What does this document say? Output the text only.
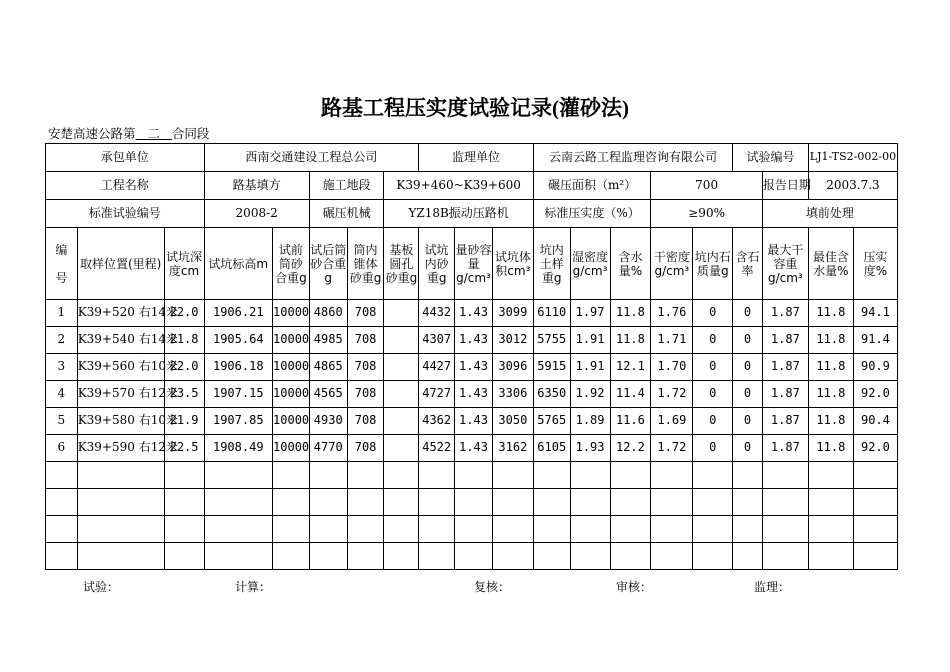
路基工程压实度试验记录(灌砂法)
安楚高速公路第 二 合同段
承包单位			西南交通建设工程总公司					监理单位			云南云路工程监理咨询有限公司					试验编号		LJ1-TS2-002-00	
工程名称			路基填方		施工地段		K39+460~K39+600				碾压面积（m²）			700			报告日期	2003.7.3	
标准试验编号			2008-2		碾压机械		YZ18B振动压路机				标准压实度（%）			≥90%			填前处理		

编

号	取样位置(里程)	试坑深度cm	试坑标高m	试前筒砂合重g	试后筒砂合重g	筒内锥体砂重g	基板圆孔砂重g	试坑内砂重g	量砂容量g/cm³	试坑体积cm³	坑内土样重g	湿密度g/cm³	含水量%	干密度g/cm³	坑内石质量g	含石率	最大干容重g/cm³	最佳含水量%	压实度%

1	K39+520 右14米	22.0	1906.21	10000	4860	708		4432	1.43	3099	6110	1.97	11.8	1.76	0	0	1.87	11.8	94.1
2	K39+540 右14米	21.8	1905.64	10000	4985	708		4307	1.43	3012	5755	1.91	11.8	1.71	0	0	1.87	11.8	91.4
3	K39+560 右10米	22.0	1906.18	10000	4865	708		4427	1.43	3096	5915	1.91	12.1	1.70	0	0	1.87	11.8	90.9
4	K39+570 右12米	23.5	1907.15	10000	4565	708		4727	1.43	3306	6350	1.92	11.4	1.72	0	0	1.87	11.8	92.0
5	K39+580 右10米	21.9	1907.85	10000	4930	708		4362	1.43	3050	5765	1.89	11.6	1.69	0	0	1.87	11.8	90.4
6	K39+590 右12米	22.5	1908.49	10000	4770	708		4522	1.43	3162	6105	1.93	12.2	1.72	0	0	1.87	11.8	92.0

试验：	计算：	复核：	审核：	监理：
